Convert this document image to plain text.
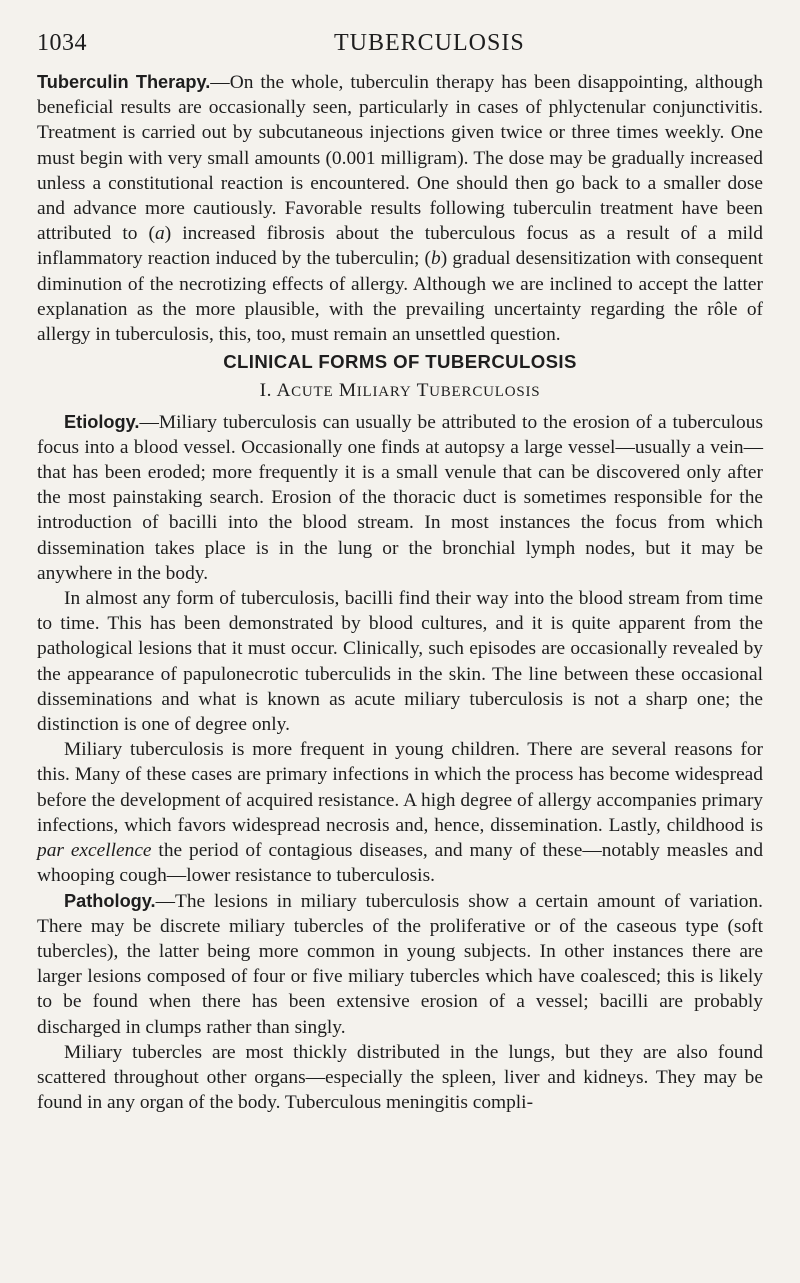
1034	TUBERCULOSIS

Tuberculin Therapy.—On the whole, tuberculin therapy has been disappointing, although beneficial results are occasionally seen, particularly in cases of phlyctenular conjunctivitis. Treatment is carried out by subcutaneous injections given twice or three times weekly. One must begin with very small amounts (0.001 milligram). The dose may be gradually increased unless a constitutional reaction is encountered. One should then go back to a smaller dose and advance more cautiously. Favorable results following tuberculin treatment have been attributed to (a) increased fibrosis about the tuberculous focus as a result of a mild inflammatory reaction induced by the tuberculin; (b) gradual desensitization with consequent diminution of the necrotizing effects of allergy. Although we are inclined to accept the latter explanation as the more plausible, with the prevailing uncertainty regarding the rôle of allergy in tuberculosis, this, too, must remain an unsettled question.

CLINICAL FORMS OF TUBERCULOSIS
I. ACUTE MILIARY TUBERCULOSIS

Etiology.—Miliary tuberculosis can usually be attributed to the erosion of a tuberculous focus into a blood vessel. Occasionally one finds at autopsy a large vessel—usually a vein—that has been eroded; more frequently it is a small venule that can be discovered only after the most painstaking search. Erosion of the thoracic duct is sometimes responsible for the introduction of bacilli into the blood stream. In most instances the focus from which dissemination takes place is in the lung or the bronchial lymph nodes, but it may be anywhere in the body.

In almost any form of tuberculosis, bacilli find their way into the blood stream from time to time. This has been demonstrated by blood cultures, and it is quite apparent from the pathological lesions that it must occur. Clinically, such episodes are occasionally revealed by the appearance of papulonecrotic tuberculids in the skin. The line between these occasional disseminations and what is known as acute miliary tuberculosis is not a sharp one; the distinction is one of degree only.

Miliary tuberculosis is more frequent in young children. There are several reasons for this. Many of these cases are primary infections in which the process has become widespread before the development of acquired resistance. A high degree of allergy accompanies primary infections, which favors widespread necrosis and, hence, dissemination. Lastly, childhood is par excellence the period of contagious diseases, and many of these—notably measles and whooping cough—lower resistance to tuberculosis.

Pathology.—The lesions in miliary tuberculosis show a certain amount of variation. There may be discrete miliary tubercles of the proliferative or of the caseous type (soft tubercles), the latter being more common in young subjects. In other instances there are larger lesions composed of four or five miliary tubercles which have coalesced; this is likely to be found when there has been extensive erosion of a vessel; bacilli are probably discharged in clumps rather than singly.

Miliary tubercles are most thickly distributed in the lungs, but they are also found scattered throughout other organs—especially the spleen, liver and kidneys. They may be found in any organ of the body. Tuberculous meningitis compli-
